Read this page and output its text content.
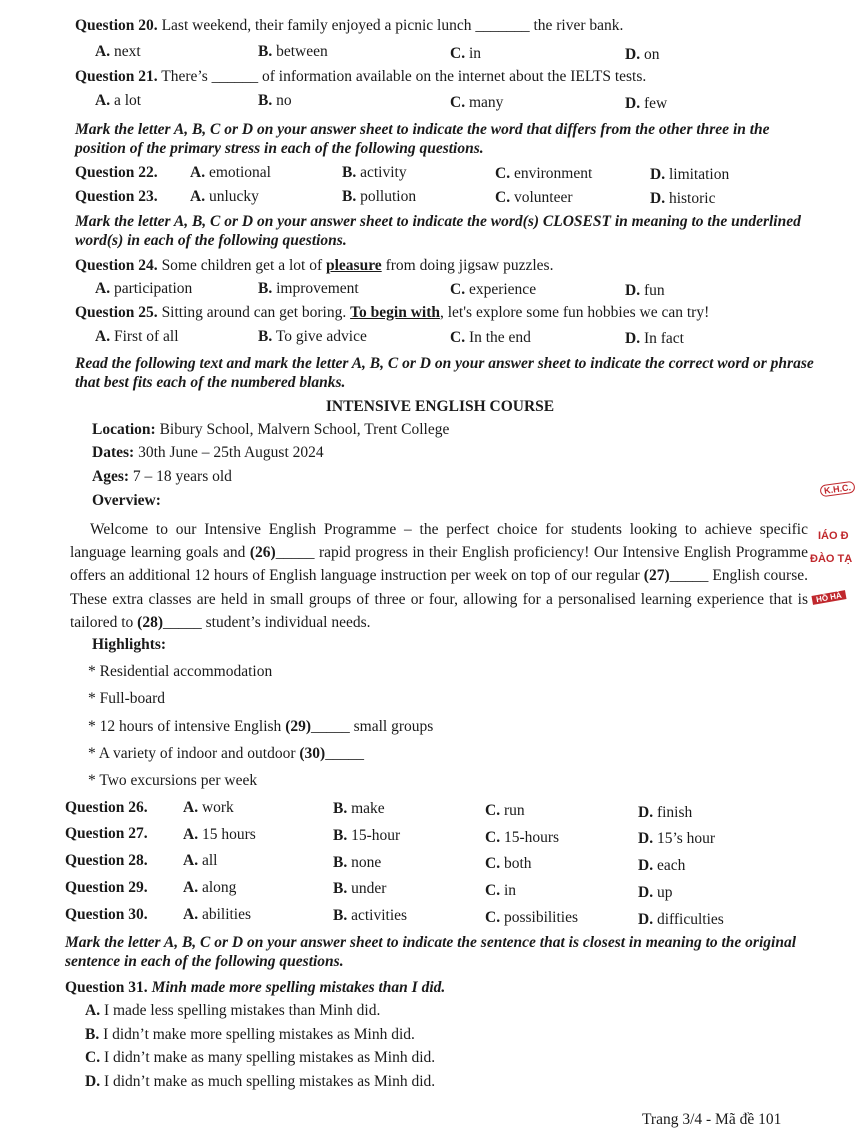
Question 20. Last weekend, their family enjoyed a picnic lunch _______ the river bank.
A. next	B. between	C. in	D. on
Question 21. There’s ______ of information available on the internet about the IELTS tests.
A. a lot	B. no	C. many	D. few
Mark the letter A, B, C or D on your answer sheet to indicate the word that differs from the other three in the position of the primary stress in each of the following questions.
Question 22. A. emotional	B. activity	C. environment	D. limitation
Question 23. A. unlucky	B. pollution	C. volunteer	D. historic
Mark the letter A, B, C or D on your answer sheet to indicate the word(s) CLOSEST in meaning to the underlined word(s) in each of the following questions.
Question 24. Some children get a lot of pleasure from doing jigsaw puzzles.
A. participation	B. improvement	C. experience	D. fun
Question 25. Sitting around can get boring. To begin with, let's explore some fun hobbies we can try!
A. First of all	B. To give advice	C. In the end	D. In fact
Read the following text and mark the letter A, B, C or D on your answer sheet to indicate the correct word or phrase that best fits each of the numbered blanks.
INTENSIVE ENGLISH COURSE
Location: Bibury School, Malvern School, Trent College
Dates: 30th June – 25th August 2024
Ages: 7 – 18 years old
Overview:
Welcome to our Intensive English Programme – the perfect choice for students looking to achieve specific language learning goals and (26)_____ rapid progress in their English proficiency! Our Intensive English Programme offers an additional 12 hours of English language instruction per week on top of our regular (27)_____ English course. These extra classes are held in small groups of three or four, allowing for a personalised learning experience that is tailored to (28)_____ student’s individual needs.
Highlights:
* Residential accommodation
* Full-board
* 12 hours of intensive English (29)_____ small groups
* A variety of indoor and outdoor (30)_____
* Two excursions per week
Question 26. A. work	B. make	C. run	D. finish
Question 27. A. 15 hours	B. 15-hour	C. 15-hours	D. 15’s hour
Question 28. A. all	B. none	C. both	D. each
Question 29. A. along	B. under	C. in	D. up
Question 30. A. abilities	B. activities	C. possibilities	D. difficulties
Mark the letter A, B, C or D on your answer sheet to indicate the sentence that is closest in meaning to the original sentence in each of the following questions.
Question 31. Minh made more spelling mistakes than I did.
A. I made less spelling mistakes than Minh did.
B. I didn’t make more spelling mistakes as Minh did.
C. I didn’t make as many spelling mistakes as Minh did.
D. I didn’t make as much spelling mistakes as Minh did.
Trang 3/4 - Mã đề 101
K.H.C.
IÁO Đ
ĐÀO TẠ
HỒ HÀ
